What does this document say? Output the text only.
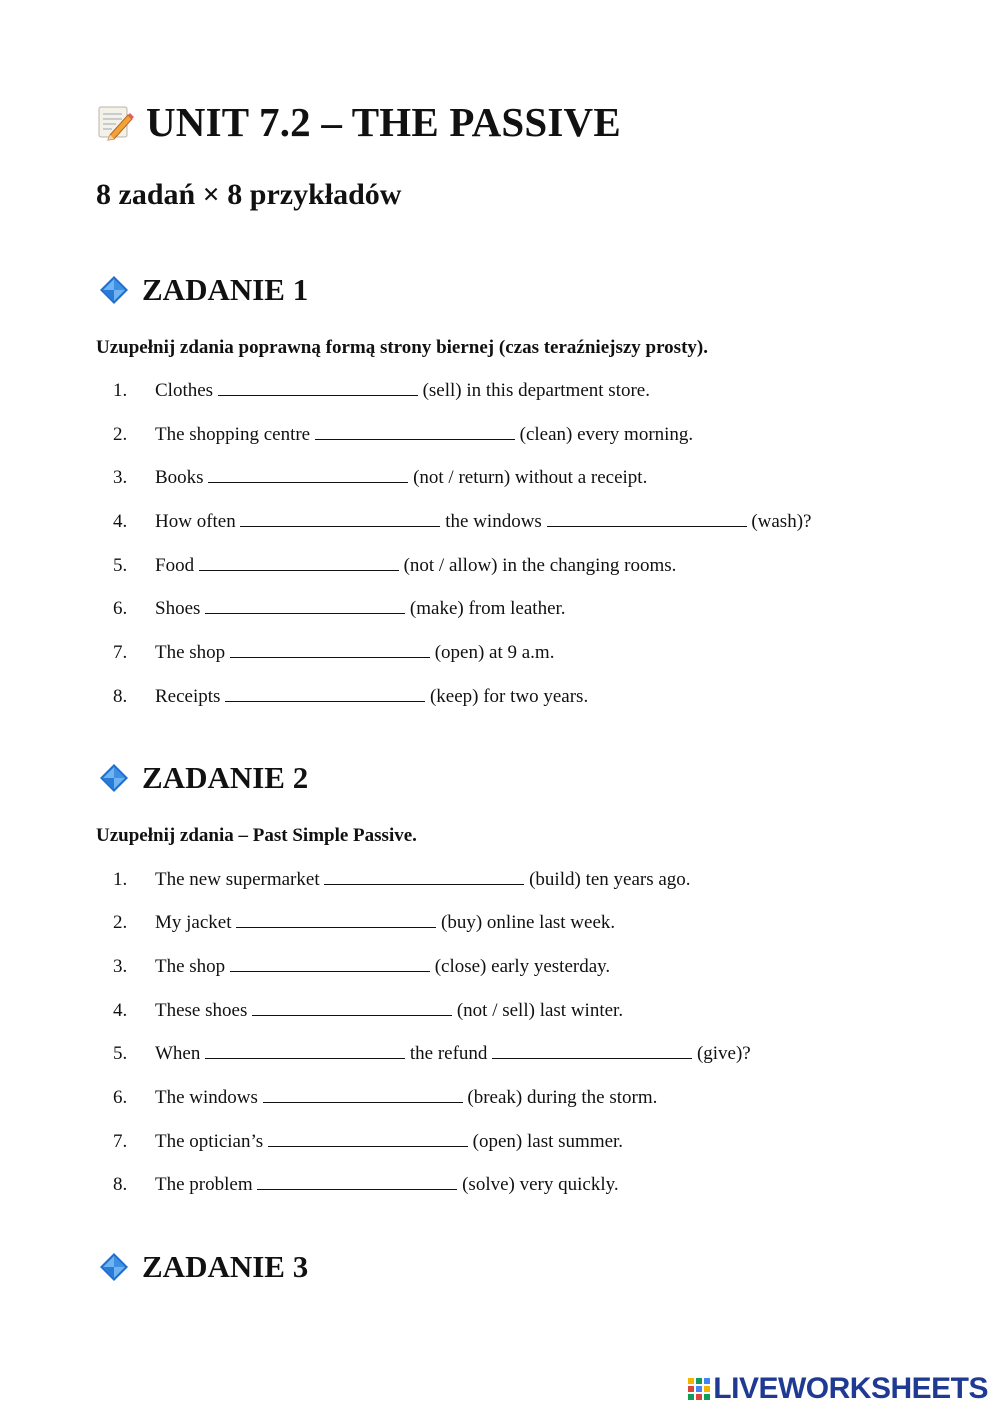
UNIT 7.2 – THE PASSIVE
8 zadań × 8 przykładów
ZADANIE 1
Uzupełnij zdania poprawną formą strony biernej (czas teraźniejszy prosty).
1. Clothes	(sell) in this department store.
2. The shopping centre	(clean) every morning.
3. Books	(not / return) without a receipt.
4. How often	the windows	(wash)?
5. Food	(not / allow) in the changing rooms.
6. Shoes	(make) from leather.
7. The shop	(open) at 9 a.m.
8. Receipts	(keep) for two years.
ZADANIE 2
Uzupełnij zdania – Past Simple Passive.
1. The new supermarket	(build) ten years ago.
2. My jacket	(buy) online last week.
3. The shop	(close) early yesterday.
4. These shoes	(not / sell) last winter.
5. When	the refund	(give)?
6. The windows	(break) during the storm.
7. The optician’s	(open) last summer.
8. The problem	(solve) very quickly.
ZADANIE 3
LIVEWORKSHEETS
